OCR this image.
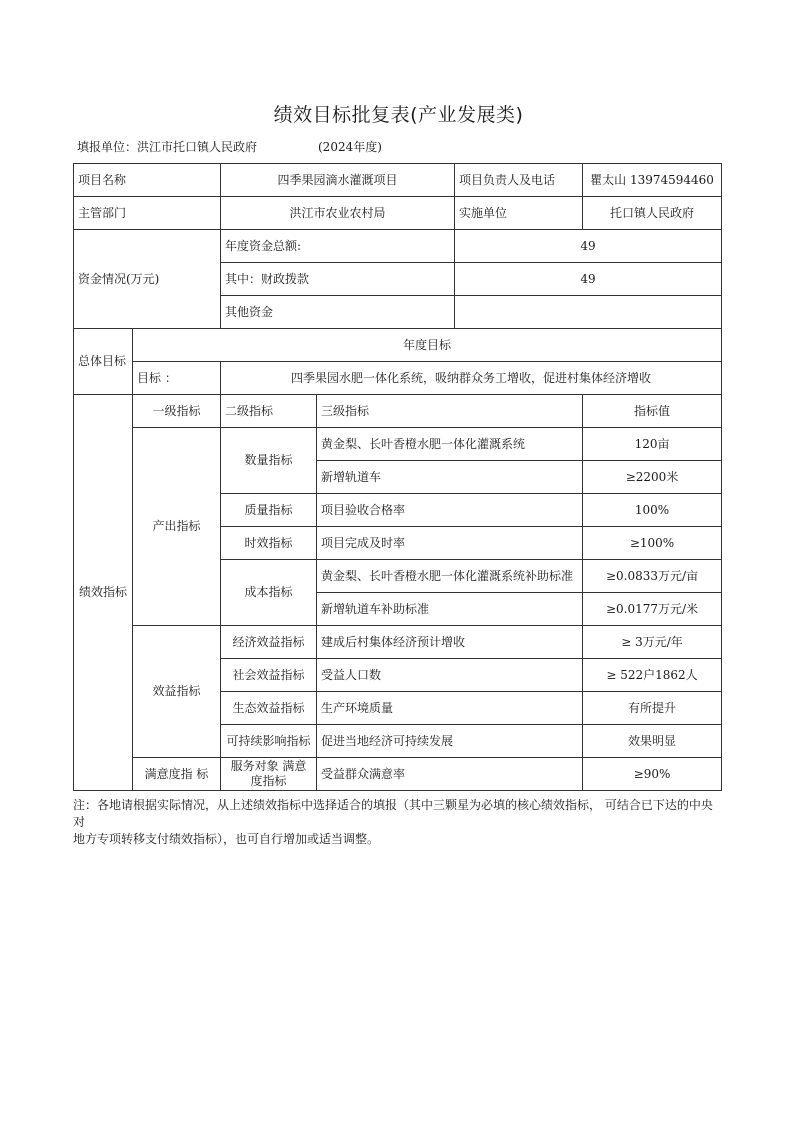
绩效目标批复表(产业发展类)
填报单位：洪江市托口镇人民政府	(2024年度)
项目名称		四季果园滴水灌溉项目		项目负责人及电话	瞿太山 13974594460
主管部门		洪江市农业农村局		实施单位	托口镇人民政府
资金情况(万元)		年度资金总额:		49	
		其中：财政拨款		49	
		其他资金			
总体目标	年度目标				
	目标 ：	四季果园水肥一体化系统，吸纳群众务工增收，促进村集体经济增收			
绩效指标	一级指标	二级指标	三级指标		指标值
	产出指标	数量指标	黄金梨、长叶香橙水肥一体化灌溉系统		120亩
			新增轨道车		≥2200米
		质量指标	项目验收合格率		100%
		时效指标	项目完成及时率		≥100%
		成本指标	黄金梨、长叶香橙水肥一体化灌溉系统补助标准		≥0.0833万元/亩
			新增轨道车补助标准		≥0.0177万元/米
	效益指标	经济效益指标	建成后村集体经济预计增收		≥ 3万元/年
		社会效益指标	受益人口数		≥ 522户1862人
		生态效益指标	生产环境质量		有所提升
		可持续影响指标	促进当地经济可持续发展		效果明显
	满意度指 标	服务对象 满意度指标	受益群众满意率		≥90%

注：各地请根据实际情况，从上述绩效指标中选择适合的填报（其中三颗星为必填的核心绩效指标， 可结合已下达的中央对

地方专项转移支付绩效指标），也可自行增加或适当调整。
